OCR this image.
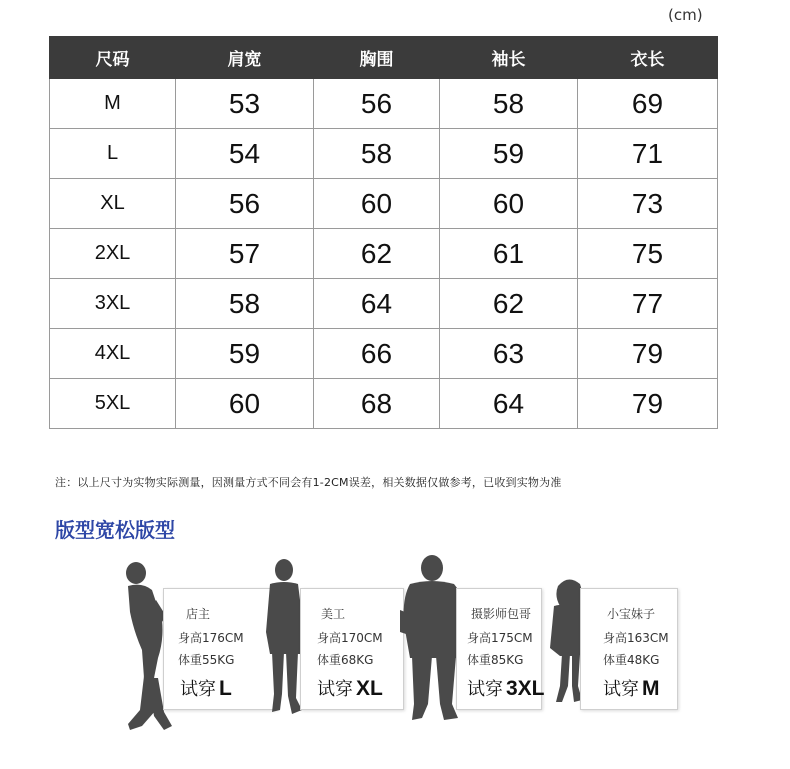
(cm)
尺码	肩宽	胸围	袖长	衣长
M	53	56	58	69
L	54	58	59	71
XL	56	60	60	73
2XL	57	62	61	75
3XL	58	64	62	77
4XL	59	66	63	79
5XL	60	68	64	79
注：以上尺寸为实物实际测量，因测量方式不同会有1-2CM误差，相关数据仅做参考，已收到实物为准
版型宽松版型
店主
身高176CM
体重55KG
试穿 L
美工
身高170CM
体重68KG
试穿 XL
摄影师包哥
身高175CM
体重85KG
试穿 3XL
小宝妹子
身高163CM
体重48KG
试穿 M
